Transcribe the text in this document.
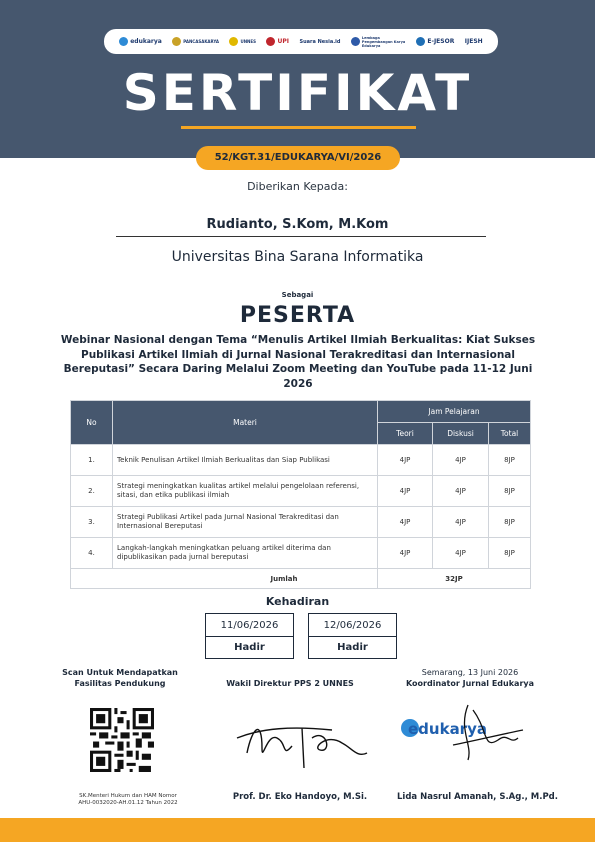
edukarya	PANCASAKARYA	UNNES	UPI Suara Nesia.id
Lembaga Pengembangan Karya Edukarya
E-JESOR IJESH
SERTIFIKAT
52/KGT.31/EDUKARYA/VI/2026
Diberikan Kepada:
Rudianto, S.Kom, M.Kom
Universitas Bina Sarana Informatika
Sebagai
PESERTA
Webinar Nasional dengan Tema “Menulis Artikel Ilmiah Berkualitas: Kiat Sukses Publikasi Artikel Ilmiah di Jurnal Nasional Terakreditasi dan Internasional Bereputasi” Secara Daring Melalui Zoom Meeting dan YouTube pada 11-12 Juni 2026
No	Materi	Jam Pelajaran		
		Teori	Diskusi	Total
1.	Teknik Penulisan Artikel Ilmiah Berkualitas dan Siap Publikasi	4JP	4JP	8JP
2.	Strategi meningkatkan kualitas artikel melalui pengelolaan referensi, sitasi, dan etika publikasi ilmiah	4JP	4JP	8JP
3.	Strategi Publikasi Artikel pada Jurnal Nasional Terakreditasi dan Internasional Bereputasi	4JP	4JP	8JP
4.	Langkah-langkah meningkatkan peluang artikel diterima dan dipublikasikan pada jurnal bereputasi	4JP	4JP	8JP
Jumlah		32JP		
Kehadiran
11/06/2026
Hadir
12/06/2026
Hadir
Scan Untuk Mendapatkan
Fasilitas Pendukung
SK.Menteri Hukum dan HAM Nomor
AHU-0032020-AH.01.12 Tahun 2022
Wakil Direktur PPS 2 UNNES
Prof. Dr. Eko Handoyo, M.Si.
Semarang, 13 Juni 2026
Koordinator Jurnal Edukarya
edukarya
Lida Nasrul Amanah, S.Ag., M.Pd.
